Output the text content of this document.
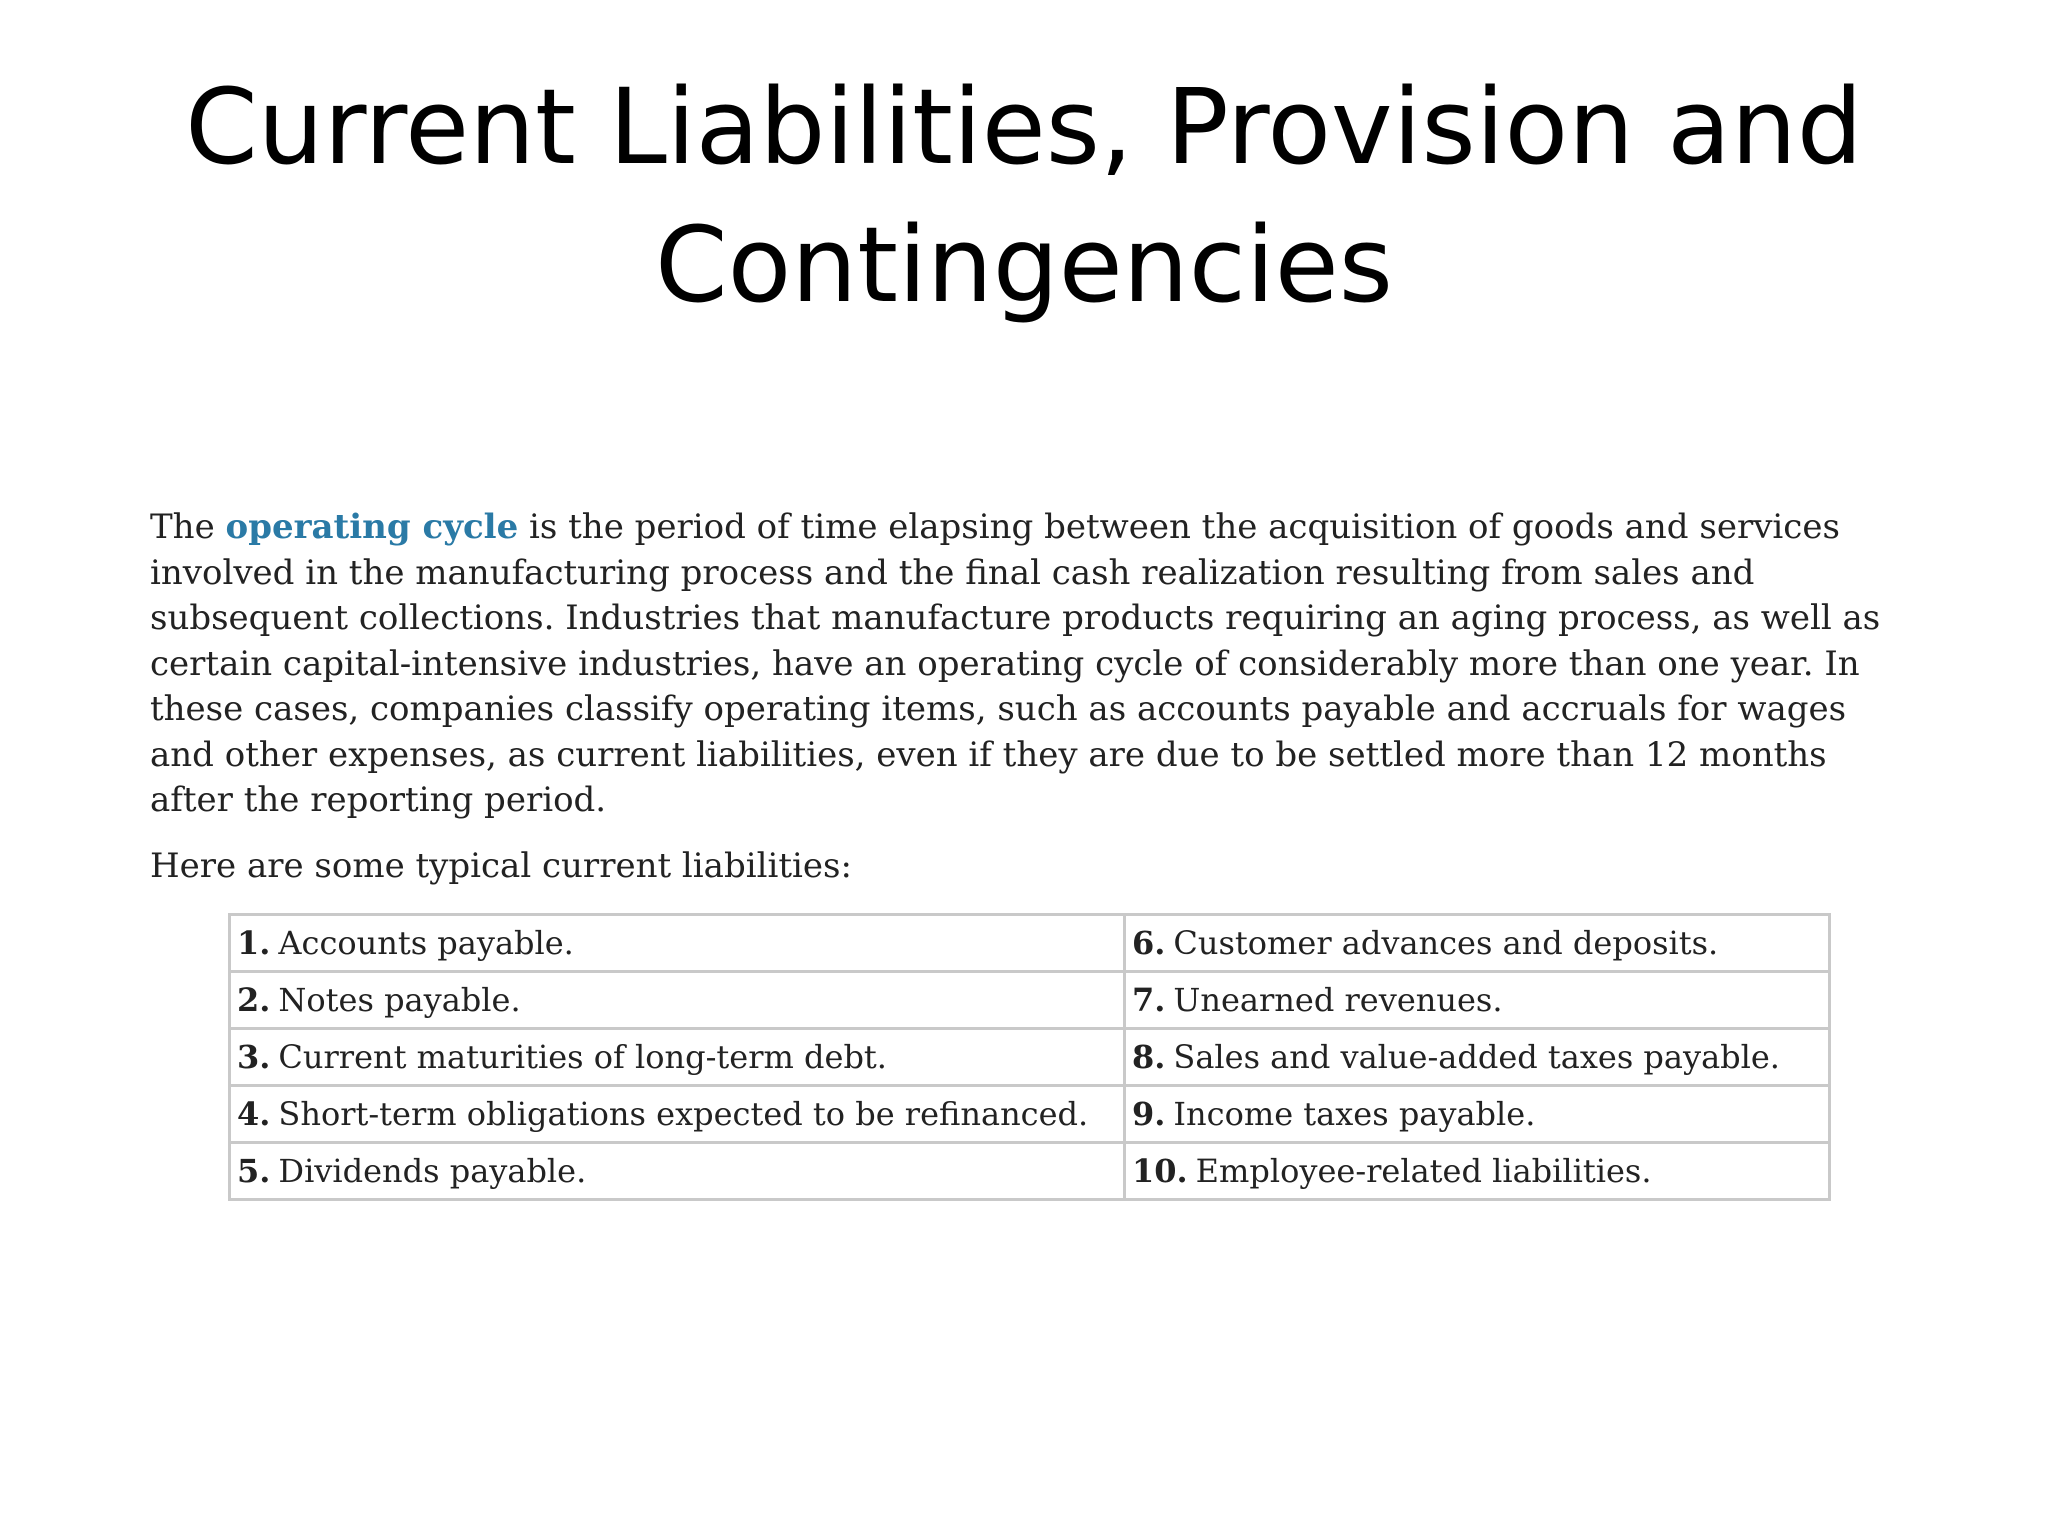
Current Liabilities, Provision and
Contingencies

The operating cycle is the period of time elapsing between the acquisition of goods and services involved in the manufacturing process and the final cash realization resulting from sales and subsequent collections. Industries that manufacture products requiring an aging process, as well as certain capital-intensive industries, have an operating cycle of considerably more than one year. In these cases, companies classify operating items, such as accounts payable and accruals for wages and other expenses, as current liabilities, even if they are due to be settled more than 12 months after the reporting period.

Here are some typical current liabilities:

1. Accounts payable.	6. Customer advances and deposits.
2. Notes payable.	7. Unearned revenues.
3. Current maturities of long-term debt.	8. Sales and value-added taxes payable.
4. Short-term obligations expected to be refinanced.	9. Income taxes payable.
5. Dividends payable.	10. Employee-related liabilities.
